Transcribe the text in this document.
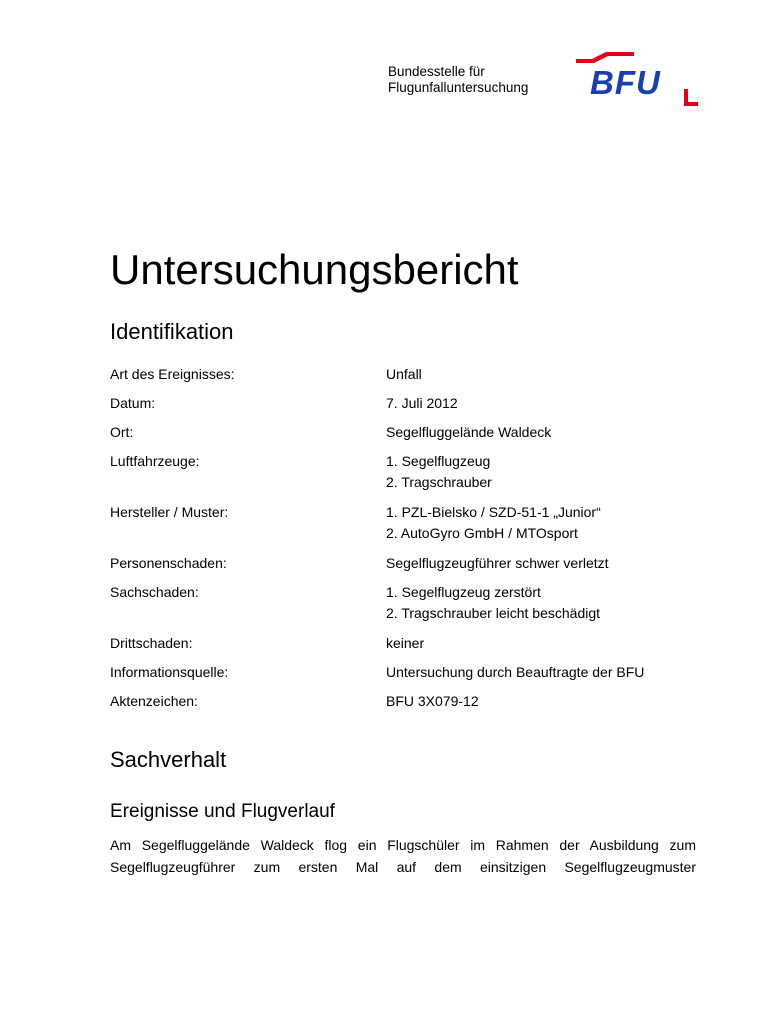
Bundesstelle für
Flugunfalluntersuchung BFU
Untersuchungsbericht
Identifikation
Art des Ereignisses:	Unfall
Datum:	7. Juli 2012
Ort:	Segelfluggelände Waldeck
Luftfahrzeuge:	1. Segelflugzeug
2. Tragschrauber
Hersteller / Muster:	1. PZL-Bielsko / SZD-51-1 „Junior“
2. AutoGyro GmbH / MTOsport
Personenschaden:	Segelflugzeugführer schwer verletzt
Sachschaden:	1. Segelflugzeug zerstört
2. Tragschrauber leicht beschädigt
Drittschaden:	keiner
Informationsquelle:	Untersuchung durch Beauftragte der BFU
Aktenzeichen:	BFU 3X079-12
Sachverhalt
Ereignisse und Flugverlauf
Am Segelfluggelände Waldeck flog ein Flugschüler im Rahmen der Ausbildung zum
Segelflugzeugführer zum ersten Mal auf dem einsitzigen Segelflugzeugmuster
